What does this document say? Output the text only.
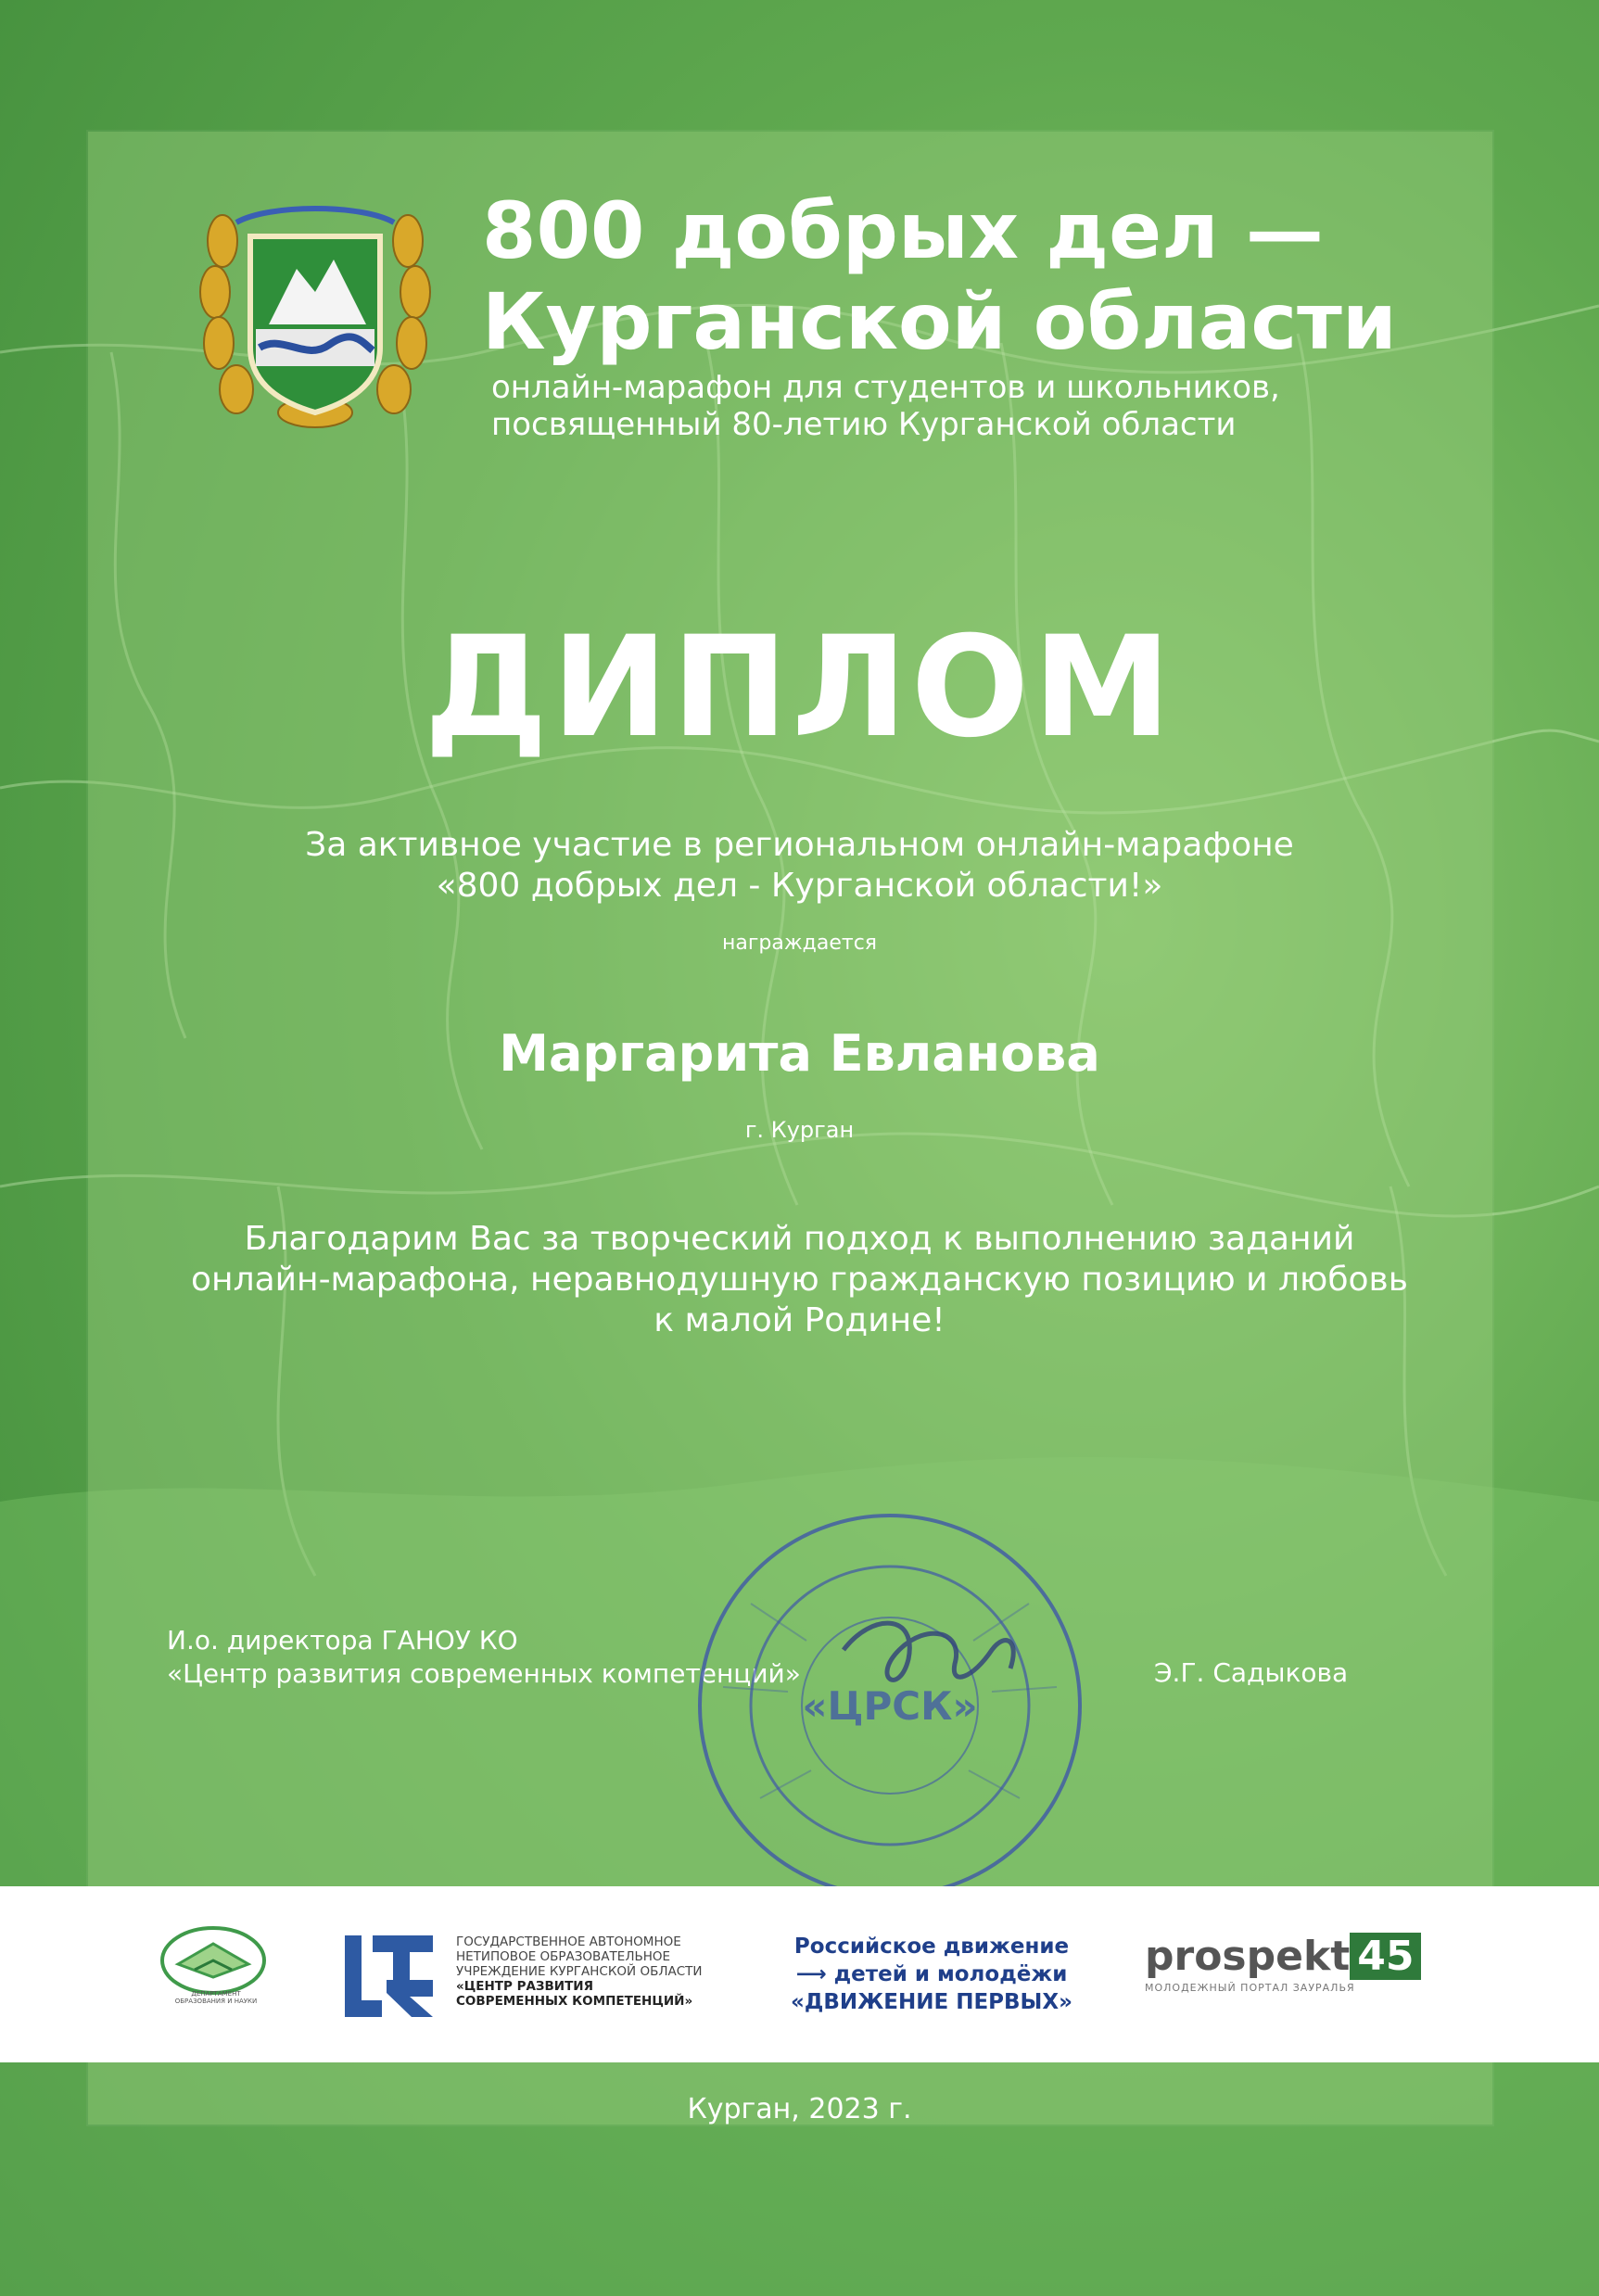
800 добрых дел —
Курганской области
онлайн-марафон для студентов и школьников,
посвященный 80-летию Курганской области
ДИПЛОМ
За активное участие в региональном онлайн-марафоне
«800 добрых дел - Курганской области!»
награждается
Маргарита Евланова
г. Курган
Благодарим Вас за творческий подход к выполнению заданий
онлайн-марафона, неравнодушную гражданскую позицию и любовь
к малой Родине!
И.о. директора ГАНОУ КО
«Центр развития современных компетенций»	Э.Г. Садыкова
«ЦРСК»
ДЕПАРТАМЕНТ ОБРАЗОВАНИЯ И НАУКИ
ГОСУДАРСТВЕННОЕ АВТОНОМНОЕ
НЕТИПОВОЕ ОБРАЗОВАТЕЛЬНОЕ
УЧРЕЖДЕНИЕ КУРГАНСКОЙ ОБЛАСТИ
«ЦЕНТР РАЗВИТИЯ
СОВРЕМЕННЫХ КОМПЕТЕНЦИЙ»
Российское движение
⟶ детей и молодёжи
«ДВИЖЕНИЕ ПЕРВЫХ»
prospekt 45
МОЛОДЕЖНЫЙ ПОРТАЛ ЗАУРАЛЬЯ
Курган, 2023 г.
